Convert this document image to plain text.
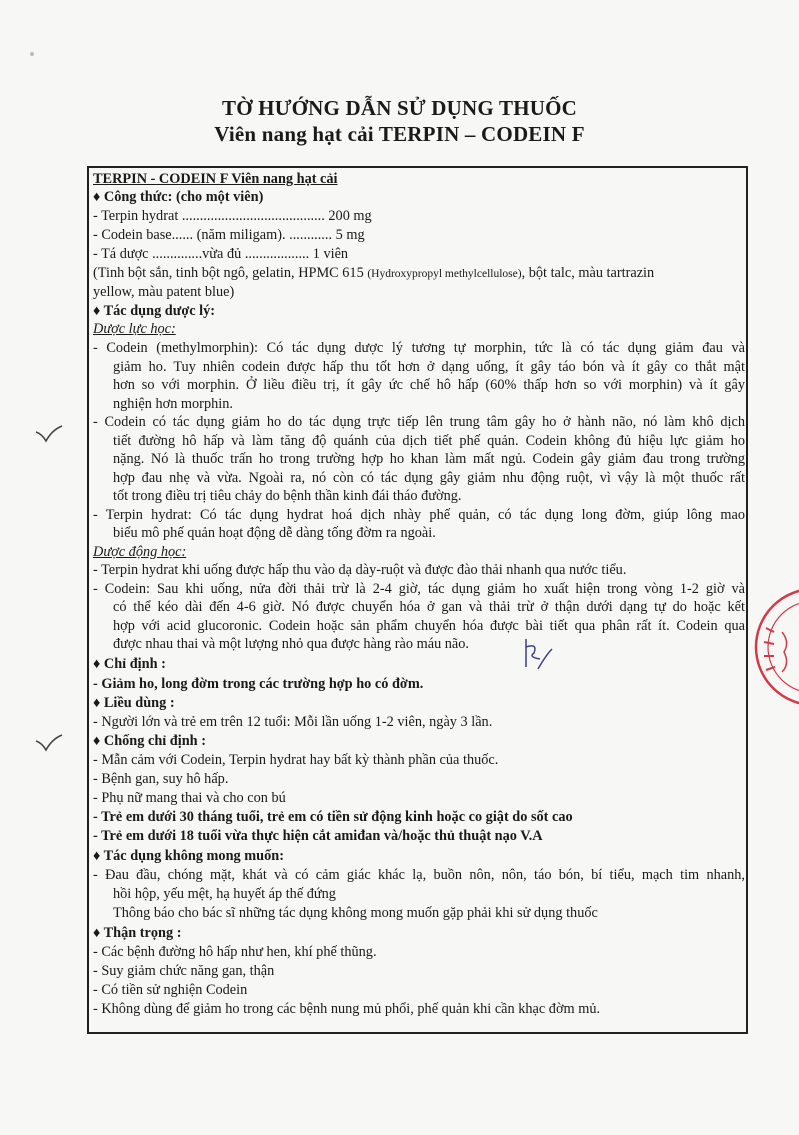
TỜ HƯỚNG DẪN SỬ DỤNG THUỐC
Viên nang hạt cải TERPIN – CODEIN F
TERPIN - CODEIN F Viên nang hạt cải
♦ Công thức: (cho một viên)
- Terpin hydrat ........................................ 200 mg
- Codein base...... (năm miligam). ............ 5 mg
- Tá dược ..............vừa đủ .................. 1 viên
(Tinh bột sắn, tinh bột ngô, gelatin, HPMC 615 (Hydroxypropyl methylcellulose), bột talc, màu tartrazin
yellow, màu patent blue)
♦ Tác dụng dược lý:
Dược lực học:
- Codein (methylmorphin): Có tác dụng dược lý tương tự morphin, tức là có tác dụng giảm đau và
giảm ho. Tuy nhiên codein được hấp thu tốt hơn ở dạng uống, ít gây táo bón và ít gây co thắt mật
hơn so với morphin. Ở liều điều trị, ít gây ức chế hô hấp (60% thấp hơn so với morphin) và ít gây
nghiện hơn morphin.
- Codein có tác dụng giảm ho do tác dụng trực tiếp lên trung tâm gây ho ở hành não, nó làm khô dịch
tiết đường hô hấp và làm tăng độ quánh của dịch tiết phế quản. Codein không đủ hiệu lực giảm ho
nặng. Nó là thuốc trấn ho trong trường hợp ho khan làm mất ngủ. Codein gây giảm đau trong trường
hợp đau nhẹ và vừa. Ngoài ra, nó còn có tác dụng gây giảm nhu động ruột, vì vậy là một thuốc rất
tốt trong điều trị tiêu chảy do bệnh thần kinh đái tháo đường.
- Terpin hydrat: Có tác dụng hydrat hoá dịch nhày phế quản, có tác dụng long đờm, giúp lông mao
biểu mô phế quản hoạt động dễ dàng tống đờm ra ngoài.
Dược động học:
- Terpin hydrat khi uống được hấp thu vào dạ dày-ruột và được đào thải nhanh qua nước tiểu.
- Codein: Sau khi uống, nửa đời thải trừ là 2-4 giờ, tác dụng giảm ho xuất hiện trong vòng 1-2 giờ và
có thể kéo dài đến 4-6 giờ. Nó được chuyển hóa ở gan và thải trừ ở thận dưới dạng tự do hoặc kết
hợp với acid glucoronic. Codein hoặc sản phẩm chuyển hóa được bài tiết qua phân rất ít. Codein qua
được nhau thai và một lượng nhỏ qua được hàng rào máu não.
♦ Chỉ định :
- Giảm ho, long đờm trong các trường hợp ho có đờm.
♦ Liều dùng :
- Người lớn và trẻ em trên 12 tuổi: Mỗi lần uống 1-2 viên, ngày 3 lần.
♦ Chống chỉ định :
- Mẫn cảm với Codein, Terpin hydrat hay bất kỳ thành phần của thuốc.
- Bệnh gan, suy hô hấp.
- Phụ nữ mang thai và cho con bú
- Trẻ em dưới 30 tháng tuổi, trẻ em có tiền sử động kinh hoặc co giật do sốt cao
- Trẻ em dưới 18 tuổi vừa thực hiện cắt amiđan và/hoặc thủ thuật nạo V.A
♦ Tác dụng không mong muốn:
- Đau đầu, chóng mặt, khát và có cảm giác khác lạ, buồn nôn, nôn, táo bón, bí tiểu, mạch tim nhanh,
hồi hộp, yếu mệt, hạ huyết áp thế đứng
Thông báo cho bác sĩ những tác dụng không mong muốn gặp phải khi sử dụng thuốc
♦ Thận trọng :
- Các bệnh đường hô hấp như hen, khí phế thũng.
- Suy giảm chức năng gan, thận
- Có tiền sử nghiện Codein
- Không dùng để giảm ho trong các bệnh nung mủ phổi, phế quản khi cần khạc đờm mủ.
